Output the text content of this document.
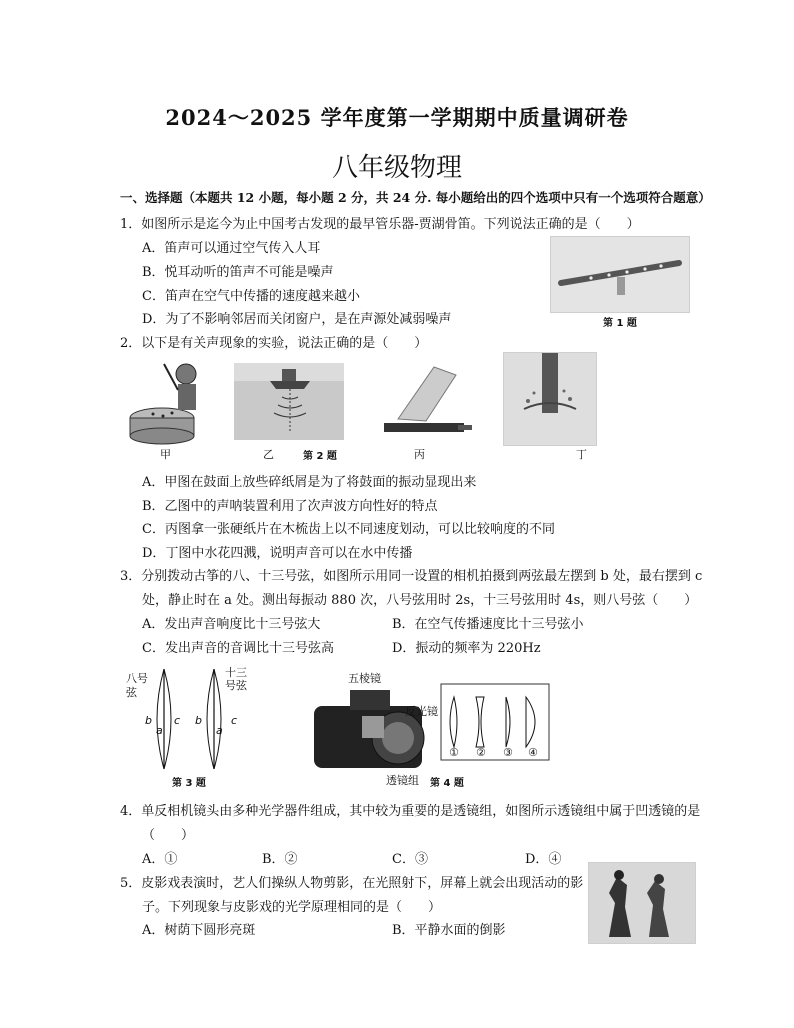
2024～2025 学年度第一学期期中质量调研卷
八年级物理
一、选择题（本题共 12 小题，每小题 2 分，共 24 分. 每小题给出的四个选项中只有一个选项符合题意）
1．如图所示是迄今为止中国考古发现的最早管乐器-贾湖骨笛。下列说法正确的是（　　）
A．笛声可以通过空气传入人耳
B．悦耳动听的笛声不可能是噪声
C．笛声在空气中传播的速度越来越小
D．为了不影响邻居而关闭窗户，是在声源处减弱噪声	第 1 题
2．以下是有关声现象的实验，说法正确的是（　　）
甲	乙	第 2 题	丙	丁
A．甲图在鼓面上放些碎纸屑是为了将鼓面的振动显现出来
B．乙图中的声呐装置利用了次声波方向性好的特点
C．丙图拿一张硬纸片在木梳齿上以不同速度划动，可以比较响度的不同
D．丁图中水花四溅，说明声音可以在水中传播
3．分别拨动古筝的八、十三号弦，如图所示用同一设置的相机拍摄到两弦最左摆到 b 处，最右摆到 c
处，静止时在 a 处。测出每振动 880 次，八号弦用时 2s，十三号弦用时 4s，则八号弦（　　）
A．发出声音响度比十三号弦大	B．在空气传播速度比十三号弦小
C．发出声音的音调比十三号弦高	D．振动的频率为 220Hz
八号弦
十三号弦
b
a
c b
a
c
第 3 题
五棱镜
反光镜
透镜组 第 4 题
① ② ③ ④
4．单反相机镜头由多种光学器件组成，其中较为重要的是透镜组，如图所示透镜组中属于凹透镜的是
（　　）
A．①	B．②	C．③	D．④
5．皮影戏表演时，艺人们操纵人物剪影，在光照射下，屏幕上就会出现活动的影
子。下列现象与皮影戏的光学原理相同的是（　　）
A．树荫下圆形亮斑	B．平静水面的倒影
